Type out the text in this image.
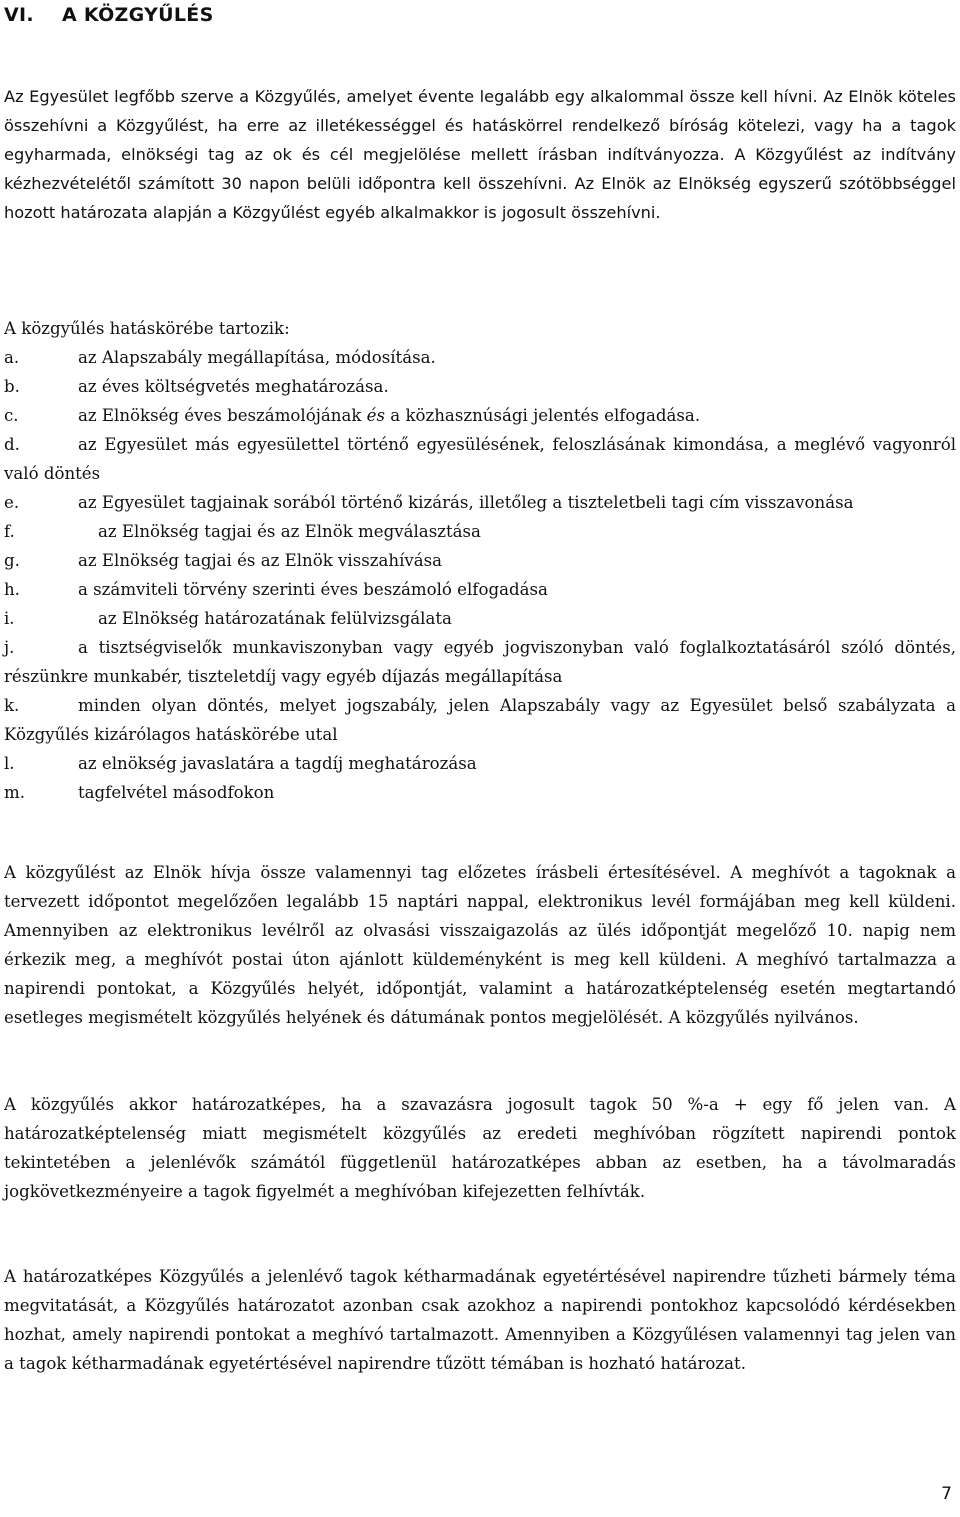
VI. A KÖZGYŰLÉS

Az Egyesület legfőbb szerve a Közgyűlés, amelyet évente legalább egy alkalommal össze kell hívni. Az Elnök köteles összehívni a Közgyűlést, ha erre az illetékességgel és hatáskörrel rendelkező bíróság kötelezi, vagy ha a tagok egyharmada, elnökségi tag az ok és cél megjelölése mellett írásban indítványozza. A Közgyűlést az indítvány kézhezvételétől számított 30 napon belüli időpontra kell összehívni. Az Elnök az Elnökség egyszerű szótöbbséggel hozott határozata alapján a Közgyűlést egyéb alkalmakkor is jogosult összehívni.

A közgyűlés hatáskörébe tartozik:

a.	az Alapszabály megállapítása, módosítása.
b.	az éves költségvetés meghatározása.
c.	az Elnökség éves beszámolójának és a közhasznúsági jelentés elfogadása.
d.	az Egyesület más egyesülettel történő egyesülésének, feloszlásának kimondása, a meglévő vagyonról való döntés
e.	az Egyesület tagjainak sorából történő kizárás, illetőleg a tiszteletbeli tagi cím visszavonása
f.	az Elnökség tagjai és az Elnök megválasztása
g.	az Elnökség tagjai és az Elnök visszahívása
h.	a számviteli törvény szerinti éves beszámoló elfogadása
i.	az Elnökség határozatának felülvizsgálata
j.	a tisztségviselők munkaviszonyban vagy egyéb jogviszonyban való foglalkoztatásáról szóló döntés, részünkre munkabér, tiszteletdíj vagy egyéb díjazás megállapítása
k.	minden olyan döntés, melyet jogszabály, jelen Alapszabály vagy az Egyesület belső szabályzata a Közgyűlés kizárólagos hatáskörébe utal
l.	az elnökség javaslatára a tagdíj meghatározása
m.	tagfelvétel másodfokon

A közgyűlést az Elnök hívja össze valamennyi tag előzetes írásbeli értesítésével. A meghívót a tagoknak a tervezett időpontot megelőzően legalább 15 naptári nappal, elektronikus levél formájában meg kell küldeni. Amennyiben az elektronikus levélről az olvasási visszaigazolás az ülés időpontját megelőző 10. napig nem érkezik meg, a meghívót postai úton ajánlott küldeményként is meg kell küldeni. A meghívó tartalmazza a napirendi pontokat, a Közgyűlés helyét, időpontját, valamint a határozatképtelenség esetén megtartandó esetleges megismételt közgyűlés helyének és dátumának pontos megjelölését. A közgyűlés nyilvános.

A közgyűlés akkor határozatképes, ha a szavazásra jogosult tagok 50 %-a + egy fő jelen van. A határozatképtelenség miatt megismételt közgyűlés az eredeti meghívóban rögzített napirendi pontok tekintetében a jelenlévők számától függetlenül határozatképes abban az esetben, ha a távolmaradás jogkövetkezményeire a tagok figyelmét a meghívóban kifejezetten felhívták.

A határozatképes Közgyűlés a jelenlévő tagok kétharmadának egyetértésével napirendre tűzheti bármely téma megvitatását, a Közgyűlés határozatot azonban csak azokhoz a napirendi pontokhoz kapcsolódó kérdésekben hozhat, amely napirendi pontokat a meghívó tartalmazott. Amennyiben a Közgyűlésen valamennyi tag jelen van a tagok kétharmadának egyetértésével napirendre tűzött témában is hozható határozat.

7
